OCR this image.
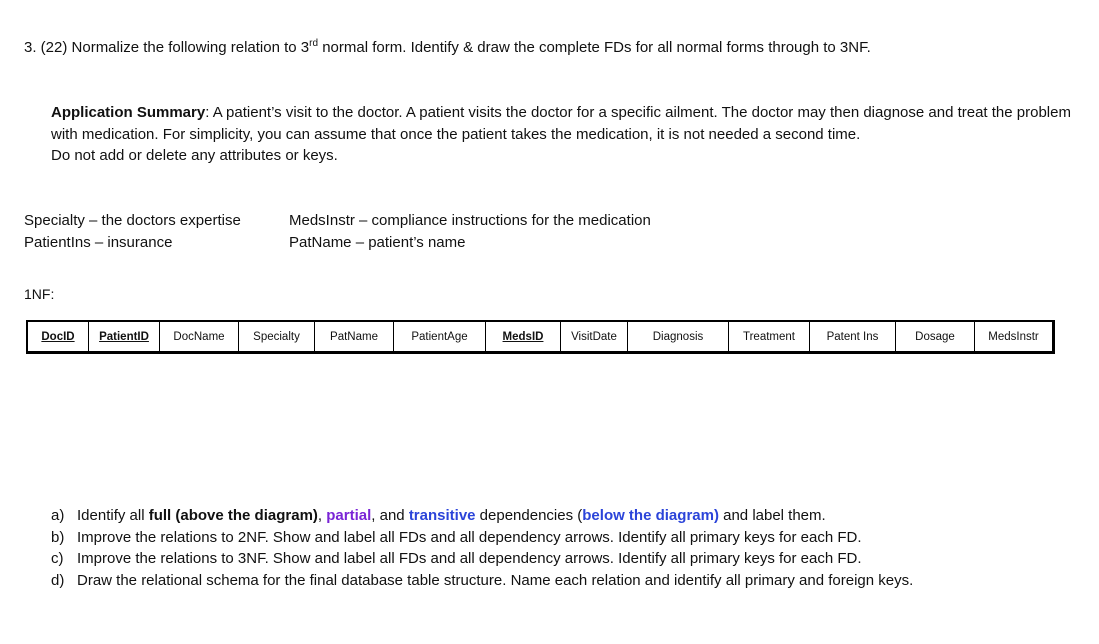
3. (22) Normalize the following relation to 3rd normal form. Identify & draw the complete FDs for all normal forms through to 3NF.
Application Summary: A patient’s visit to the doctor. A patient visits the doctor for a specific ailment. The doctor may then diagnose and treat the problem with medication. For simplicity, you can assume that once the patient takes the medication, it is not needed a second time.
Do not add or delete any attributes or keys.
Specialty – the doctors expertise
PatientIns – insurance
MedsInstr – compliance instructions for the medication
PatName – patient’s name
1NF:
DocID	PatientID	DocName	Specialty	PatName	PatientAge	MedsID	VisitDate	Diagnosis	Treatment	Patent Ins	Dosage	MedsInstr
a) Identify all full (above the diagram), partial, and transitive dependencies (below the diagram) and label them.
b) Improve the relations to 2NF. Show and label all FDs and all dependency arrows. Identify all primary keys for each FD.
c) Improve the relations to 3NF. Show and label all FDs and all dependency arrows. Identify all primary keys for each FD.
d) Draw the relational schema for the final database table structure. Name each relation and identify all primary and foreign keys.
